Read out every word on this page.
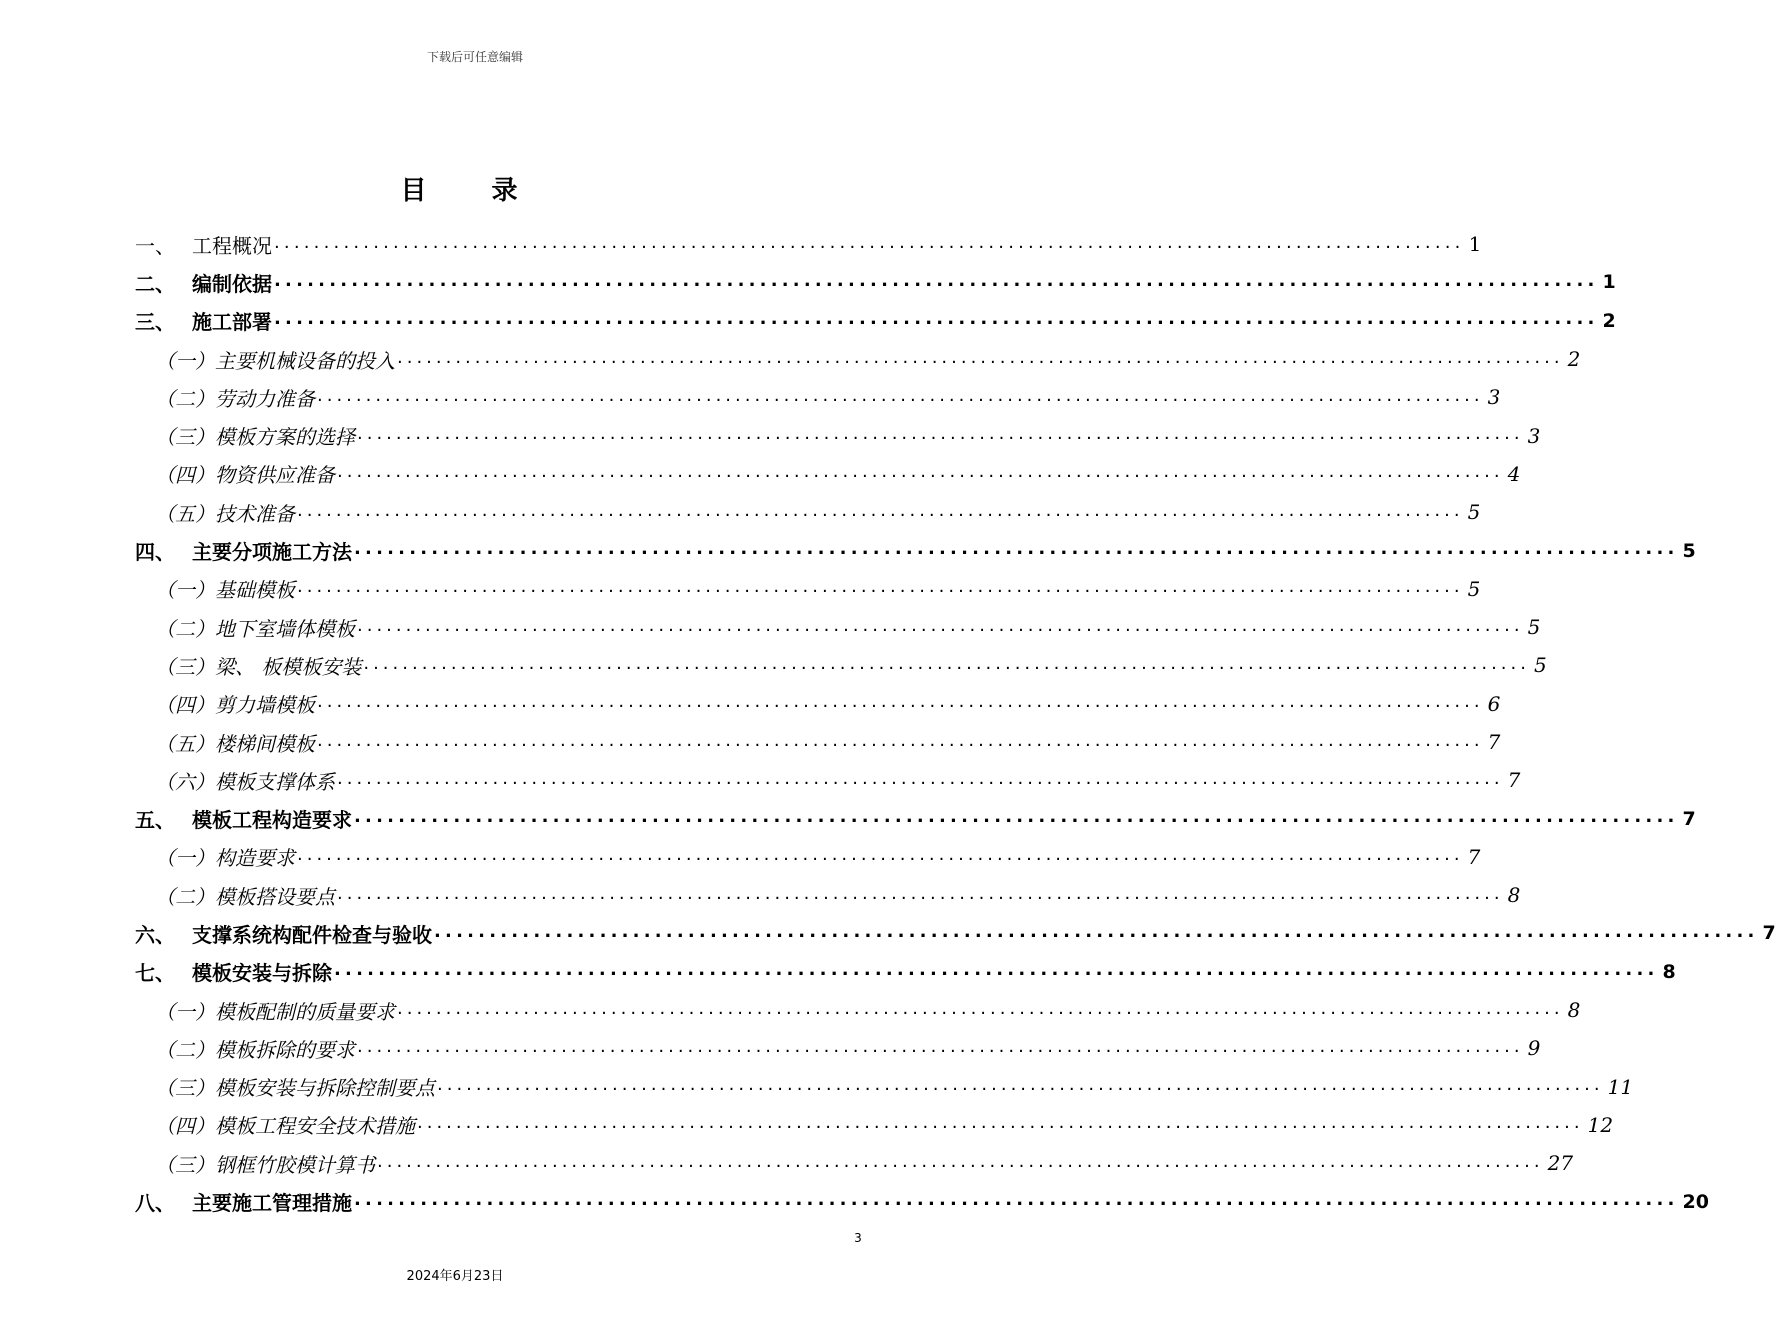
下载后可任意编辑
目 录
一、 工程概况 ........................................................................................................................ 1
二、 编制依据 ........................................................................................................................ 1
三、 施工部署 ........................................................................................................................ 2
（一）主要机械设备的投入 ........................................................................................................................ 2
（二）劳动力准备 ........................................................................................................................ 3
（三）模板方案的选择 ........................................................................................................................ 3
（四）物资供应准备 ........................................................................................................................ 4
（五）技术准备 ........................................................................................................................ 5
四、 主要分项施工方法 ........................................................................................................................ 5
（一）基础模板 ........................................................................................................................ 5
（二）地下室墙体模板 ........................................................................................................................ 5
（三）梁、 板模板安装 ........................................................................................................................ 5
（四）剪力墙模板 ........................................................................................................................ 6
（五）楼梯间模板 ........................................................................................................................ 7
（六）模板支撑体系 ........................................................................................................................ 7
五、 模板工程构造要求 ........................................................................................................................ 7
（一）构造要求 ........................................................................................................................ 7
（二）模板搭设要点 ........................................................................................................................ 8
六、 支撑系统构配件检查与验收 ........................................................................................................................ 7
七、 模板安装与拆除 ........................................................................................................................ 8
（一）模板配制的质量要求 ........................................................................................................................ 8
（二）模板拆除的要求 ........................................................................................................................ 9
（三）模板安装与拆除控制要点 ........................................................................................................................ 11
（四）模板工程安全技术措施 ........................................................................................................................ 12
（三）钢框竹胶模计算书 ........................................................................................................................ 27
八、 主要施工管理措施 ........................................................................................................................ 20
3
2024年6月23日
